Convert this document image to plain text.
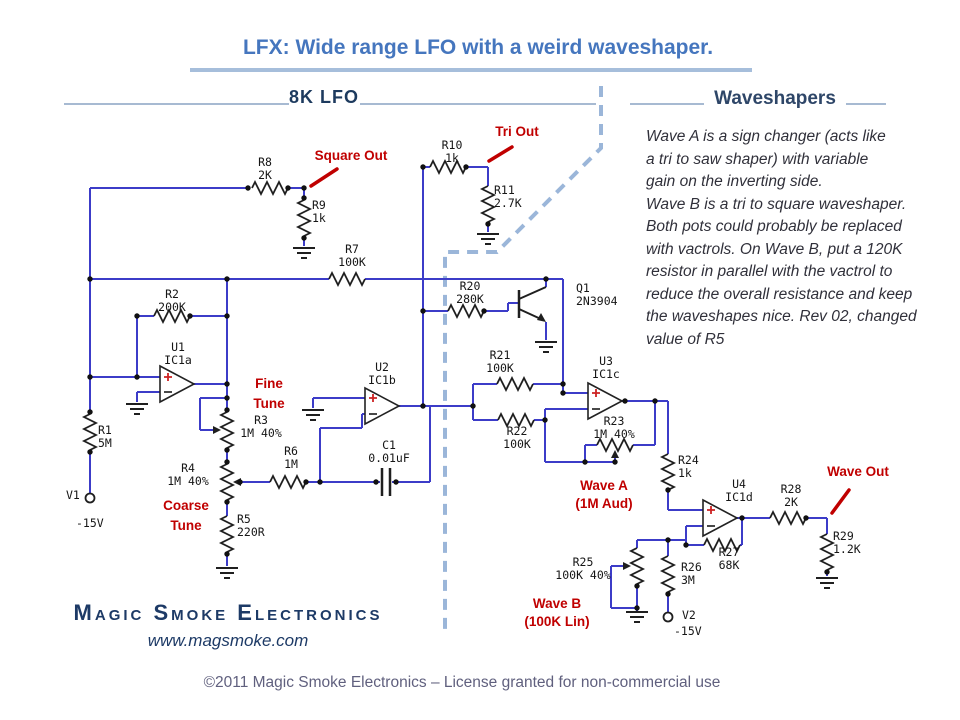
LFX: Wide range LFO with a weird waveshaper.
8K LFO	Waveshapers
Wave A is a sign changer (acts like
a tri to saw shaper) with variable
gain on the inverting side.
Wave B is a tri to square waveshaper.
Both pots could probably be replaced
with vactrols. On Wave B, put a 120K
resistor in parallel with the vactrol to
reduce the overall resistance and keep
the waveshapes nice. Rev 02, changed
value of R5
R8
2K
R9
1k
R10
1k
R11
2.7K
R7
100K
R2
200K
R20
280K
Q1
2N3904
U1
IC1a
R1
5M
V1
-15V
R3
1M 40%
R4
1M 40%
R5
220R
R6
1M
U2
IC1b
C1
0.01uF
R21
100K
R22
100K
U3
IC1c
R23
1M 40%
R24
1k
U4
IC1d
R25
100K 40%
R26
3M
R27
68K
R28
2K
R29
1.2K
V2
-15V
Square Out
Tri Out
Fine
Tune
Coarse
Tune
Wave A
(1M Aud)
Wave B
(100K Lin)
Wave Out
Magic Smoke Electronics
www.magsmoke.com
©2011 Magic Smoke Electronics – License granted for non-commercial use
